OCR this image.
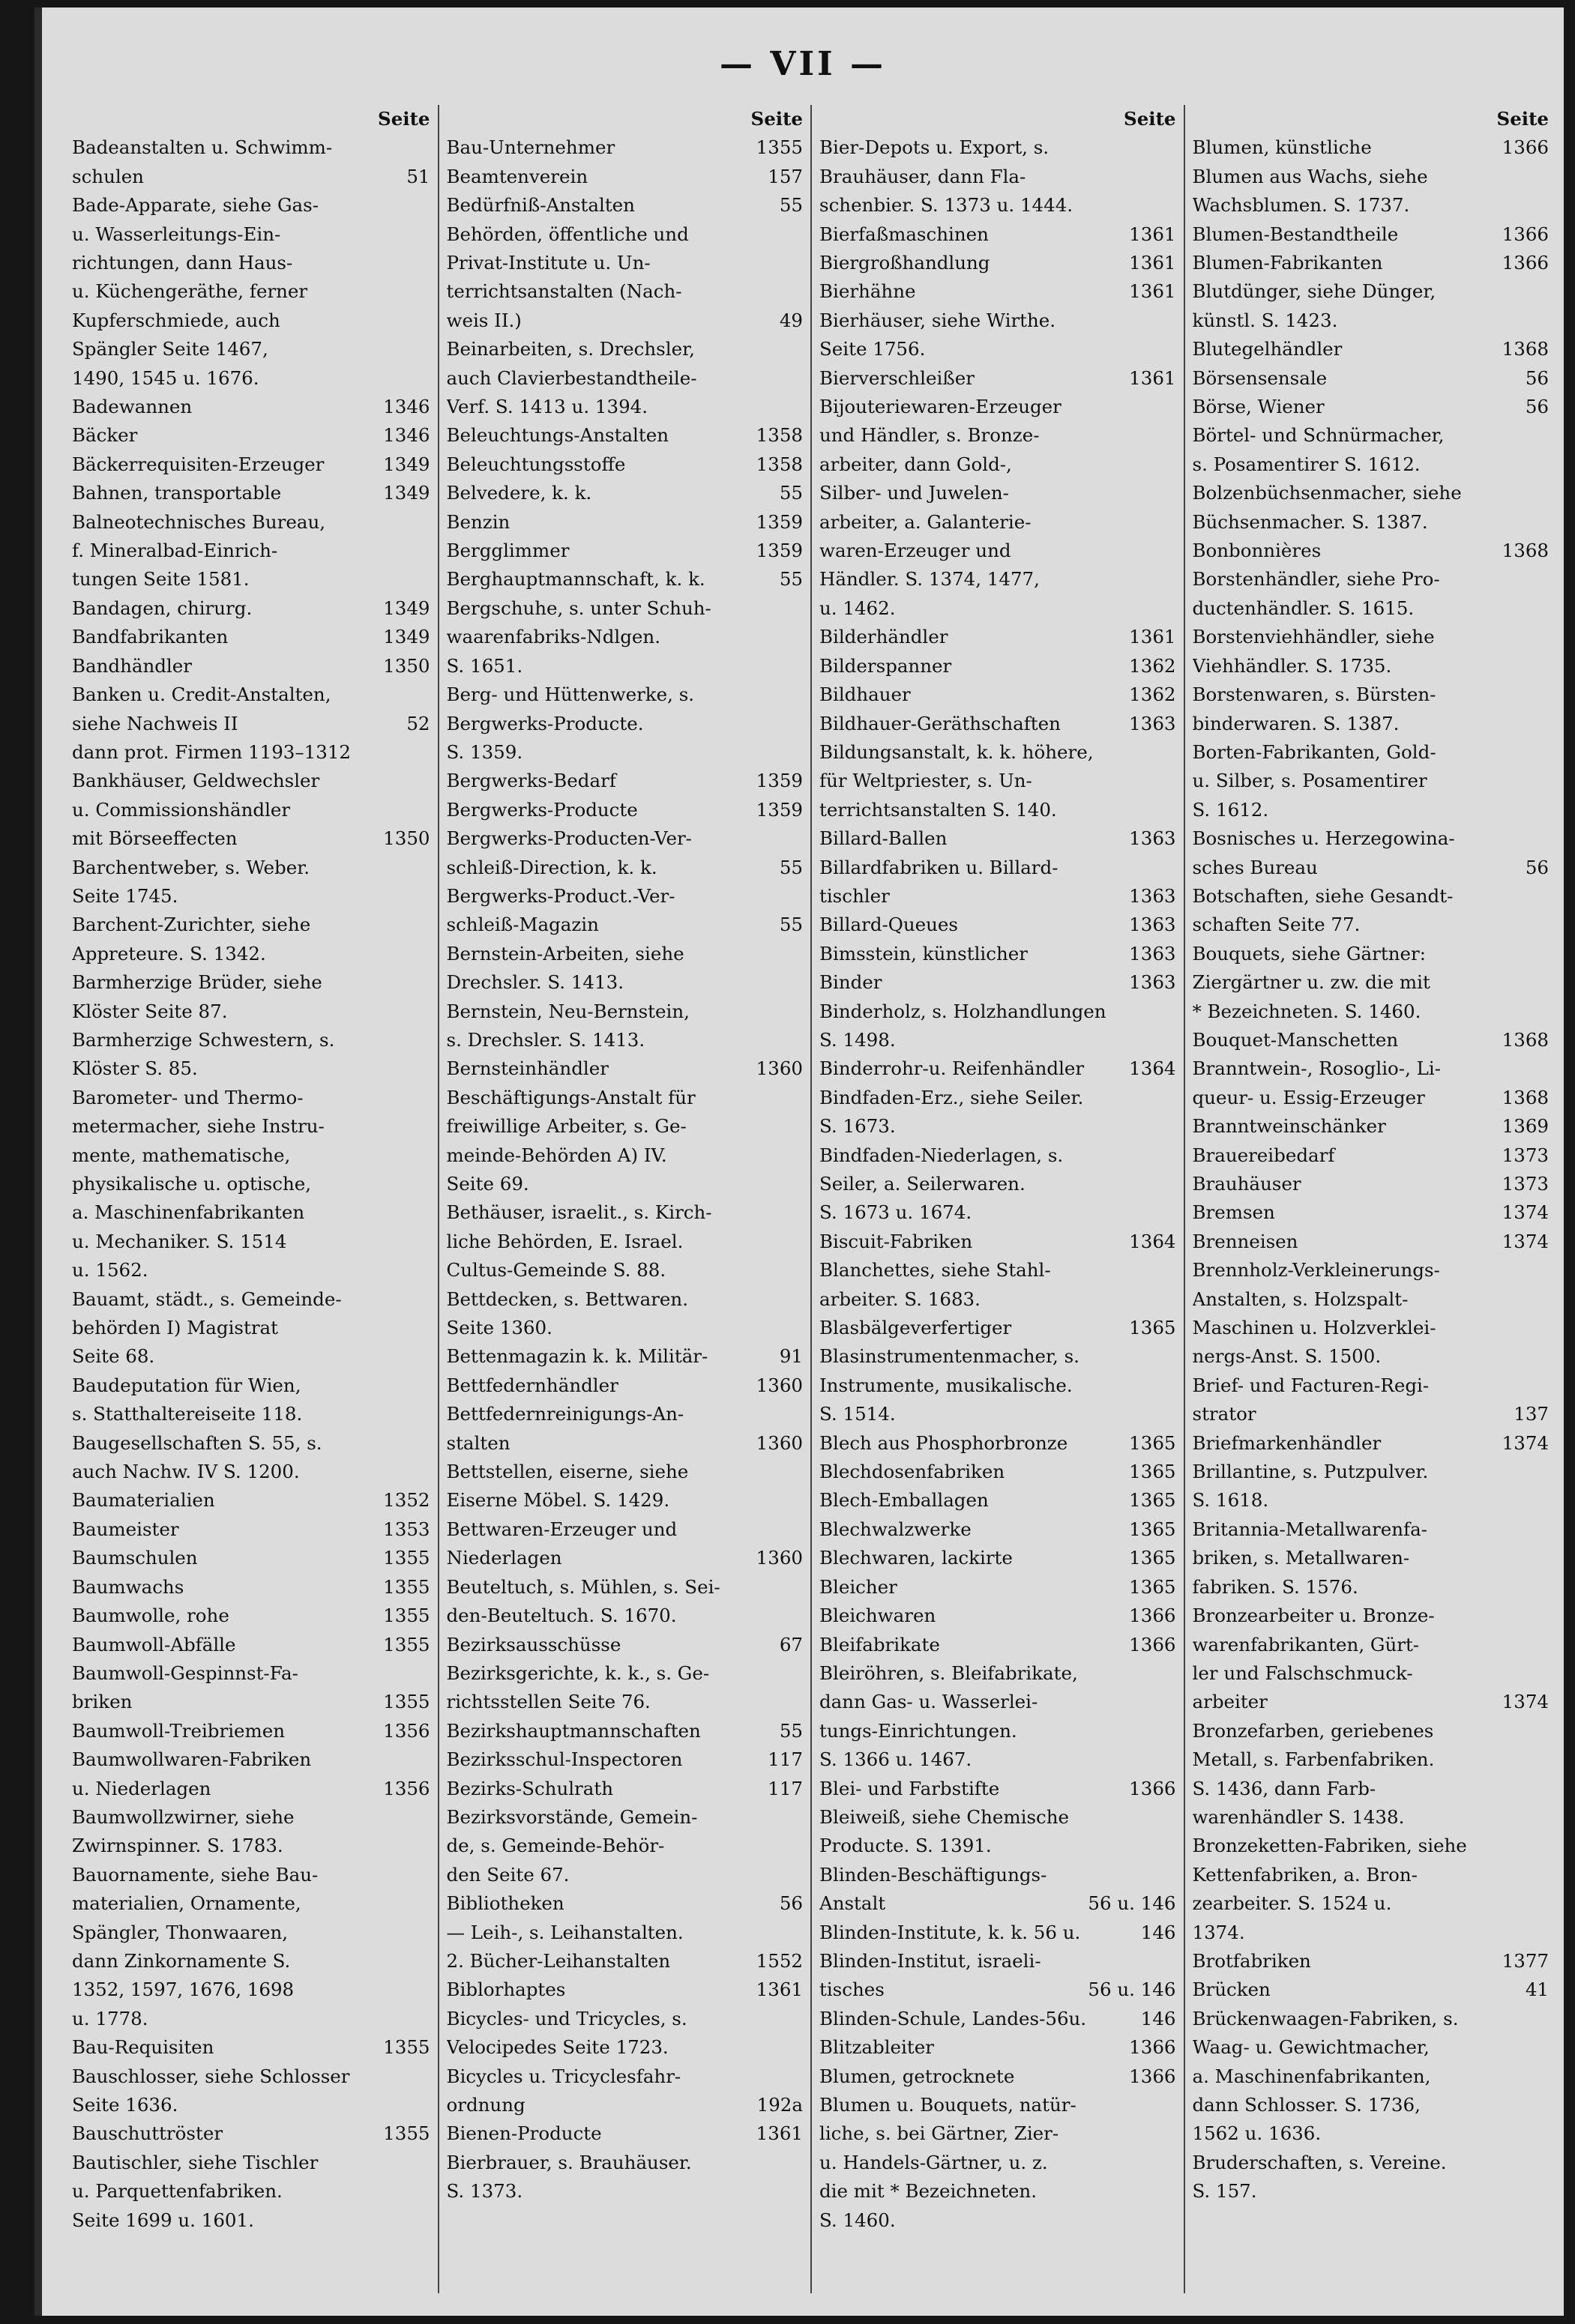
— VII —
Seite
Badeanstalten u. Schwimm-
schulen	51
Bade-Apparate, siehe Gas-
u. Wasserleitungs-Ein-
richtungen, dann Haus-
u. Küchengeräthe, ferner
Kupferschmiede, auch
Spängler Seite 1467,
1490, 1545 u. 1676.
Badewannen	1346
Bäcker	1346
Bäckerrequisiten-Erzeuger	1349
Bahnen, transportable	1349
Balneotechnisches Bureau,
f. Mineralbad-Einrich-
tungen Seite 1581.
Bandagen, chirurg.	1349
Bandfabrikanten	1349
Bandhändler	1350
Banken u. Credit-Anstalten,
siehe Nachweis II	52
dann prot. Firmen 1193–1312
Bankhäuser, Geldwechsler
u. Commissionshändler
mit Börseeffecten	1350
Barchentweber, s. Weber.
Seite 1745.
Barchent-Zurichter, siehe
Appreteure. S. 1342.
Barmherzige Brüder, siehe
Klöster Seite 87.
Barmherzige Schwestern, s.
Klöster S. 85.
Barometer- und Thermo-
metermacher, siehe Instru-
mente, mathematische,
physikalische u. optische,
a. Maschinenfabrikanten
u. Mechaniker. S. 1514
u. 1562.
Bauamt, städt., s. Gemeinde-
behörden I) Magistrat
Seite 68.
Baudeputation für Wien,
s. Statthaltereiseite 118.
Baugesellschaften S. 55, s.
auch Nachw. IV S. 1200.
Baumaterialien	1352
Baumeister	1353
Baumschulen	1355
Baumwachs	1355
Baumwolle, rohe	1355
Baumwoll-Abfälle	1355
Baumwoll-Gespinnst-Fa-
briken	1355
Baumwoll-Treibriemen	1356
Baumwollwaren-Fabriken
u. Niederlagen	1356
Baumwollzwirner, siehe
Zwirnspinner. S. 1783.
Bauornamente, siehe Bau-
materialien, Ornamente,
Spängler, Thonwaaren,
dann Zinkornamente S.
1352, 1597, 1676, 1698
u. 1778.
Bau-Requisiten	1355
Bauschlosser, siehe Schlosser
Seite 1636.
Bauschuttröster	1355
Bautischler, siehe Tischler
u. Parquettenfabriken.
Seite 1699 u. 1601.
Seite
Bau-Unternehmer	1355
Beamtenverein	157
Bedürfniß-Anstalten	55
Behörden, öffentliche und
Privat-Institute u. Un-
terrichtsanstalten (Nach-
weis II.)	49
Beinarbeiten, s. Drechsler,
auch Clavierbestandtheile-
Verf. S. 1413 u. 1394.
Beleuchtungs-Anstalten	1358
Beleuchtungsstoffe	1358
Belvedere, k. k.	55
Benzin	1359
Bergglimmer	1359
Berghauptmannschaft, k. k.	55
Bergschuhe, s. unter Schuh-
waarenfabriks-Ndlgen.
S. 1651.
Berg- und Hüttenwerke, s.
Bergwerks-Producte.
S. 1359.
Bergwerks-Bedarf	1359
Bergwerks-Producte	1359
Bergwerks-Producten-Ver-
schleiß-Direction, k. k.	55
Bergwerks-Product.-Ver-
schleiß-Magazin	55
Bernstein-Arbeiten, siehe
Drechsler. S. 1413.
Bernstein, Neu-Bernstein,
s. Drechsler. S. 1413.
Bernsteinhändler	1360
Beschäftigungs-Anstalt für
freiwillige Arbeiter, s. Ge-
meinde-Behörden A) IV.
Seite 69.
Bethäuser, israelit., s. Kirch-
liche Behörden, E. Israel.
Cultus-Gemeinde S. 88.
Bettdecken, s. Bettwaren.
Seite 1360.
Bettenmagazin k. k. Militär-	91
Bettfedernhändler	1360
Bettfedernreinigungs-An-
stalten	1360
Bettstellen, eiserne, siehe
Eiserne Möbel. S. 1429.
Bettwaren-Erzeuger und
Niederlagen	1360
Beuteltuch, s. Mühlen, s. Sei-
den-Beuteltuch. S. 1670.
Bezirksausschüsse	67
Bezirksgerichte, k. k., s. Ge-
richtsstellen Seite 76.
Bezirkshauptmannschaften	55
Bezirksschul-Inspectoren	117
Bezirks-Schulrath	117
Bezirksvorstände, Gemein-
de, s. Gemeinde-Behör-
den Seite 67.
Bibliotheken	56
— Leih-, s. Leihanstalten.
2. Bücher-Leihanstalten	1552
Biblorhaptes	1361
Bicycles- und Tricycles, s.
Velocipedes Seite 1723.
Bicycles u. Tricyclesfahr-
ordnung	192a
Bienen-Producte	1361
Bierbrauer, s. Brauhäuser.
S. 1373.
Seite
Bier-Depots u. Export, s.
Brauhäuser, dann Fla-
schenbier. S. 1373 u. 1444.
Bierfaßmaschinen	1361
Biergroßhandlung	1361
Bierhähne	1361
Bierhäuser, siehe Wirthe.
Seite 1756.
Bierverschleißer	1361
Bijouteriewaren-Erzeuger
und Händler, s. Bronze-
arbeiter, dann Gold-,
Silber- und Juwelen-
arbeiter, a. Galanterie-
waren-Erzeuger und
Händler. S. 1374, 1477,
u. 1462.
Bilderhändler	1361
Bilderspanner	1362
Bildhauer	1362
Bildhauer-Geräthschaften	1363
Bildungsanstalt, k. k. höhere,
für Weltpriester, s. Un-
terrichtsanstalten S. 140.
Billard-Ballen	1363
Billardfabriken u. Billard-
tischler	1363
Billard-Queues	1363
Bimsstein, künstlicher	1363
Binder	1363
Binderholz, s. Holzhandlungen
S. 1498.
Binderrohr-u. Reifenhändler	1364
Bindfaden-Erz., siehe Seiler.
S. 1673.
Bindfaden-Niederlagen, s.
Seiler, a. Seilerwaren.
S. 1673 u. 1674.
Biscuit-Fabriken	1364
Blanchettes, siehe Stahl-
arbeiter. S. 1683.
Blasbälgeverfertiger	1365
Blasinstrumentenmacher, s.
Instrumente, musikalische.
S. 1514.
Blech aus Phosphorbronze	1365
Blechdosenfabriken	1365
Blech-Emballagen	1365
Blechwalzwerke	1365
Blechwaren, lackirte	1365
Bleicher	1365
Bleichwaren	1366
Bleifabrikate	1366
Bleiröhren, s. Bleifabrikate,
dann Gas- u. Wasserlei-
tungs-Einrichtungen.
S. 1366 u. 1467.
Blei- und Farbstifte	1366
Bleiweiß, siehe Chemische
Producte. S. 1391.
Blinden-Beschäftigungs-
Anstalt	56 u. 146
Blinden-Institute, k. k. 56 u.	146
Blinden-Institut, israeli-
tisches	56 u. 146
Blinden-Schule, Landes-56u.	146
Blitzableiter	1366
Blumen, getrocknete	1366
Blumen u. Bouquets, natür-
liche, s. bei Gärtner, Zier-
u. Handels-Gärtner, u. z.
die mit * Bezeichneten.
S. 1460.
Seite
Blumen, künstliche	1366
Blumen aus Wachs, siehe
Wachsblumen. S. 1737.
Blumen-Bestandtheile	1366
Blumen-Fabrikanten	1366
Blutdünger, siehe Dünger,
künstl. S. 1423.
Blutegelhändler	1368
Börsensensale	56
Börse, Wiener	56
Börtel- und Schnürmacher,
s. Posamentirer S. 1612.
Bolzenbüchsenmacher, siehe
Büchsenmacher. S. 1387.
Bonbonnières	1368
Borstenhändler, siehe Pro-
ductenhändler. S. 1615.
Borstenviehhändler, siehe
Viehhändler. S. 1735.
Borstenwaren, s. Bürsten-
binderwaren. S. 1387.
Borten-Fabrikanten, Gold-
u. Silber, s. Posamentirer
S. 1612.
Bosnisches u. Herzegowina-
sches Bureau	56
Botschaften, siehe Gesandt-
schaften Seite 77.
Bouquets, siehe Gärtner:
Ziergärtner u. zw. die mit
* Bezeichneten. S. 1460.
Bouquet-Manschetten	1368
Branntwein-, Rosoglio-, Li-
queur- u. Essig-Erzeuger	1368
Branntweinschänker	1369
Brauereibedarf	1373
Brauhäuser	1373
Bremsen	1374
Brenneisen	1374
Brennholz-Verkleinerungs-
Anstalten, s. Holzspalt-
Maschinen u. Holzverklei-
nergs-Anst. S. 1500.
Brief- und Facturen-Regi-
strator	137
Briefmarkenhändler	1374
Brillantine, s. Putzpulver.
S. 1618.
Britannia-Metallwarenfa-
briken, s. Metallwaren-
fabriken. S. 1576.
Bronzearbeiter u. Bronze-
warenfabrikanten, Gürt-
ler und Falschschmuck-
arbeiter	1374
Bronzefarben, geriebenes
Metall, s. Farbenfabriken.
S. 1436, dann Farb-
warenhändler S. 1438.
Bronzeketten-Fabriken, siehe
Kettenfabriken, a. Bron-
zearbeiter. S. 1524 u.
1374.
Brotfabriken	1377
Brücken	41
Brückenwaagen-Fabriken, s.
Waag- u. Gewichtmacher,
a. Maschinenfabrikanten,
dann Schlosser. S. 1736,
1562 u. 1636.
Bruderschaften, s. Vereine.
S. 157.
